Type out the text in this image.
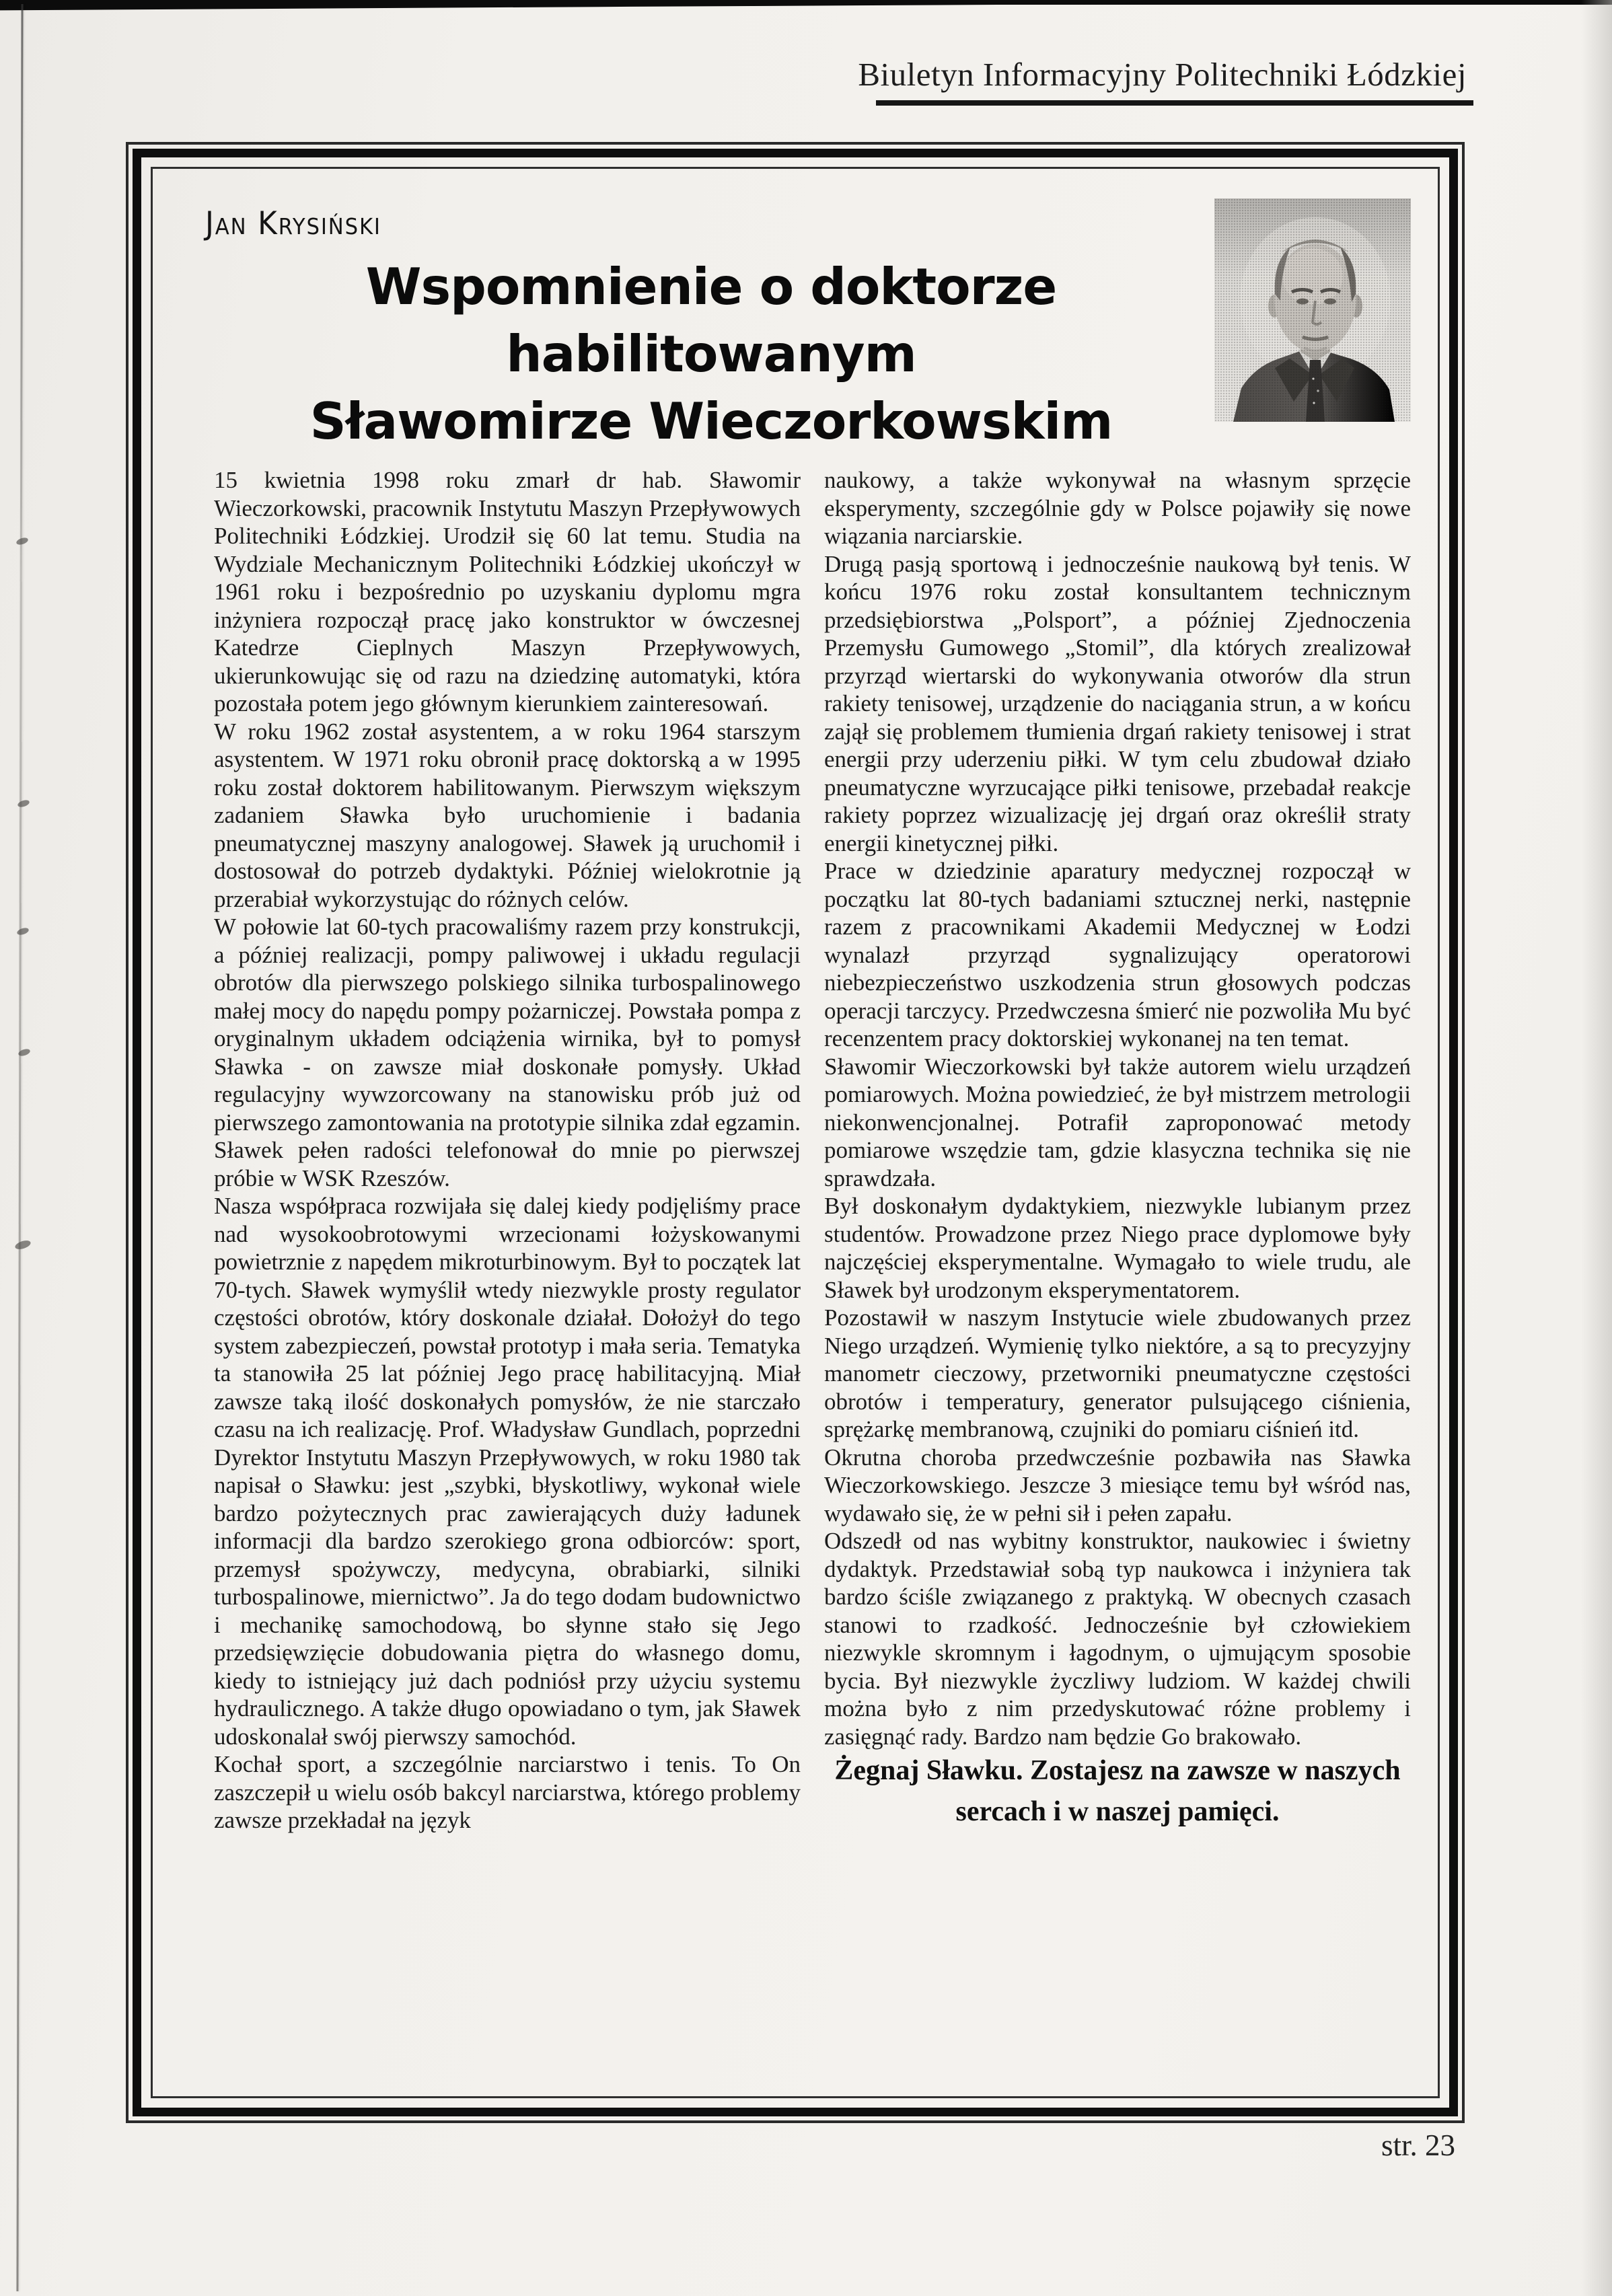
Biuletyn Informacyjny Politechniki Łódzkiej
Jan Krysiński
Wspomnienie o doktorze habilitowanym
Sławomirze Wieczorkowskim

15 kwietnia 1998 roku zmarł dr hab. Sławomir Wieczorkowski, pracownik Instytutu Maszyn Przepływowych Politechniki Łódzkiej. Urodził się 60 lat temu. Studia na Wydziale Mechanicznym Politechniki Łódzkiej ukończył w 1961 roku i bezpośrednio po uzyskaniu dyplomu mgra inżyniera rozpoczął pracę jako konstruktor w ówczesnej Katedrze Cieplnych Maszyn Przepływowych, ukierunkowując się od razu na dziedzinę automatyki, która pozostała potem jego głównym kierunkiem zainteresowań.

W roku 1962 został asystentem, a w roku 1964 starszym asystentem. W 1971 roku obronił pracę doktorską a w 1995 roku został doktorem habilitowanym. Pierwszym większym zadaniem Sławka było uruchomienie i badania pneumatycznej maszyny analogowej. Sławek ją uruchomił i dostosował do potrzeb dydaktyki. Później wielokrotnie ją przerabiał wykorzystując do różnych celów.

W połowie lat 60-tych pracowaliśmy razem przy konstrukcji, a później realizacji, pompy paliwowej i układu regulacji obrotów dla pierwszego polskiego silnika turbospalinowego małej mocy do napędu pompy pożarniczej. Powstała pompa z oryginalnym układem odciążenia wirnika, był to pomysł Sławka - on zawsze miał doskonałe pomysły. Układ regulacyjny wywzorcowany na stanowisku prób już od pierwszego zamontowania na prototypie silnika zdał egzamin. Sławek pełen radości telefonował do mnie po pierwszej próbie w WSK Rzeszów.

Nasza współpraca rozwijała się dalej kiedy podjęliśmy prace nad wysokoobrotowymi wrzecionami łożyskowanymi powietrznie z napędem mikroturbinowym. Był to początek lat 70-tych. Sławek wymyślił wtedy niezwykle prosty regulator częstości obrotów, który doskonale działał. Dołożył do tego system zabezpieczeń, powstał prototyp i mała seria. Tematyka ta stanowiła 25 lat później Jego pracę habilitacyjną. Miał zawsze taką ilość doskonałych pomysłów, że nie starczało czasu na ich realizację. Prof. Władysław Gundlach, poprzedni Dyrektor Instytutu Maszyn Przepływowych, w roku 1980 tak napisał o Sławku: jest „szybki, błyskotliwy, wykonał wiele bardzo pożytecznych prac zawierających duży ładunek informacji dla bardzo szerokiego grona odbiorców: sport, przemysł spożywczy, medycyna, obrabiarki, silniki turbospalinowe, miernictwo”. Ja do tego dodam budownictwo i mechanikę samochodową, bo słynne stało się Jego przedsięwzięcie dobudowania piętra do własnego domu, kiedy to istniejący już dach podniósł przy użyciu systemu hydraulicznego. A także długo opowiadano o tym, jak Sławek udoskonalał swój pierwszy samochód.

Kochał sport, a szczególnie narciarstwo i tenis. To On zaszczepił u wielu osób bakcyl narciarstwa, którego problemy zawsze przekładał na język

naukowy, a także wykonywał na własnym sprzęcie eksperymenty, szczególnie gdy w Polsce pojawiły się nowe wiązania narciarskie.

Drugą pasją sportową i jednocześnie naukową był tenis. W końcu 1976 roku został konsultantem technicznym przedsiębiorstwa „Polsport”, a później Zjednoczenia Przemysłu Gumowego „Stomil”, dla których zrealizował przyrząd wiertarski do wykonywania otworów dla strun rakiety tenisowej, urządzenie do naciągania strun, a w końcu zajął się problemem tłumienia drgań rakiety tenisowej i strat energii przy uderzeniu piłki. W tym celu zbudował działo pneumatyczne wyrzucające piłki tenisowe, przebadał reakcje rakiety poprzez wizualizację jej drgań oraz określił straty energii kinetycznej piłki.

Prace w dziedzinie aparatury medycznej rozpoczął w początku lat 80-tych badaniami sztucznej nerki, następnie razem z pracownikami Akademii Medycznej w Łodzi wynalazł przyrząd sygnalizujący operatorowi niebezpieczeństwo uszkodzenia strun głosowych podczas operacji tarczycy. Przedwczesna śmierć nie pozwoliła Mu być recenzentem pracy doktorskiej wykonanej na ten temat.

Sławomir Wieczorkowski był także autorem wielu urządzeń pomiarowych. Można powiedzieć, że był mistrzem metrologii niekonwencjonalnej. Potrafił zaproponować metody pomiarowe wszędzie tam, gdzie klasyczna technika się nie sprawdzała.

Był doskonałym dydaktykiem, niezwykle lubianym przez studentów. Prowadzone przez Niego prace dyplomowe były najczęściej eksperymentalne. Wymagało to wiele trudu, ale Sławek był urodzonym eksperymentatorem.

Pozostawił w naszym Instytucie wiele zbudowanych przez Niego urządzeń. Wymienię tylko niektóre, a są to precyzyjny manometr cieczowy, przetworniki pneumatyczne częstości obrotów i temperatury, generator pulsującego ciśnienia, sprężarkę membranową, czujniki do pomiaru ciśnień itd.

Okrutna choroba przedwcześnie pozbawiła nas Sławka Wieczorkowskiego. Jeszcze 3 miesiące temu był wśród nas, wydawało się, że w pełni sił i pełen zapału.

Odszedł od nas wybitny konstruktor, naukowiec i świetny dydaktyk. Przedstawiał sobą typ naukowca i inżyniera tak bardzo ściśle związanego z praktyką. W obecnych czasach stanowi to rzadkość. Jednocześnie był człowiekiem niezwykle skromnym i łagodnym, o ujmującym sposobie bycia. Był niezwykle życzliwy ludziom. W każdej chwili można było z nim przedyskutować różne problemy i zasięgnąć rady. Bardzo nam będzie Go brakowało.

Żegnaj Sławku. Zostajesz na zawsze w naszych sercach i w naszej pamięci.

str. 23
